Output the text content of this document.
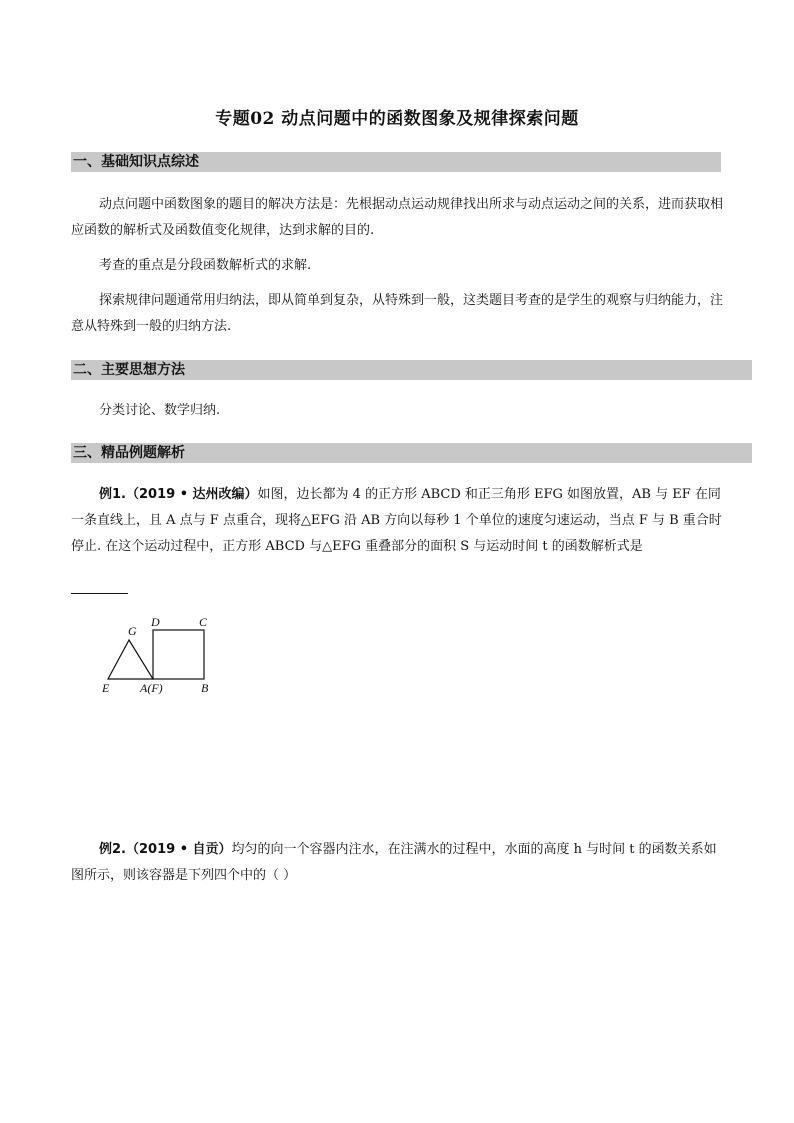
专题02 动点问题中的函数图象及规律探索问题
一、基础知识点综述

动点问题中函数图象的题目的解决方法是：先根据动点运动规律找出所求与动点运动之间的关系，进而获取相应函数的解析式及函数值变化规律，达到求解的目的.

考查的重点是分段函数解析式的求解.

探索规律问题通常用归纳法，即从简单到复杂，从特殊到一般，这类题目考查的是学生的观察与归纳能力，注意从特殊到一般的归纳方法.

二、主要思想方法

分类讨论、数学归纳.

三、精品例题解析

例1.（2019 • 达州改编）如图，边长都为 4 的正方形 ABCD 和正三角形 EFG 如图放置，AB 与 EF 在同一条直线上，且 A 点与 F 点重合，现将△EFG 沿 AB 方向以每秒 1 个单位的速度匀速运动，当点 F 与 B 重合时停止. 在这个运动过程中，正方形 ABCD 与△EFG 重叠部分的面积 S 与运动时间 t 的函数解析式是

G
D	C
E	A(F)	B

例2.（2019 • 自贡）均匀的向一个容器内注水，在注满水的过程中，水面的高度 h 与时间 t 的函数关系如图所示，则该容器是下列四个中的（ ）
